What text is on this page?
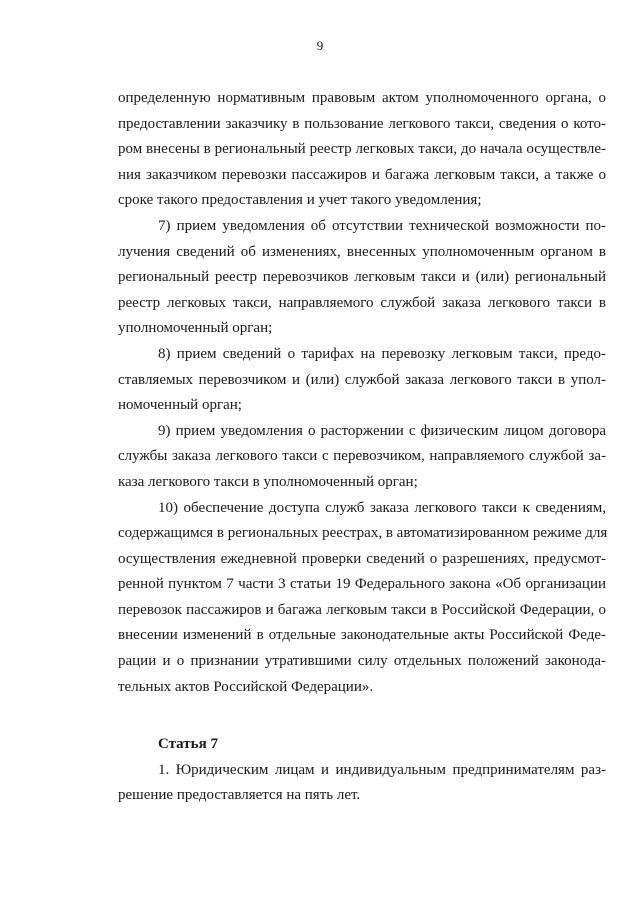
9
определенную нормативным правовым актом уполномоченного органа, о
предоставлении заказчику в пользование легкового такси, сведения о кото-
ром внесены в региональный реестр легковых такси, до начала осуществле-
ния заказчиком перевозки пассажиров и багажа легковым такси, а также о
сроке такого предоставления и учет такого уведомления;
7) прием уведомления об отсутствии технической возможности по-
лучения сведений об изменениях, внесенных уполномоченным органом в
региональный реестр перевозчиков легковым такси и (или) региональный
реестр легковых такси, направляемого службой заказа легкового такси в
уполномоченный орган;
8) прием сведений о тарифах на перевозку легковым такси, предо-
ставляемых перевозчиком и (или) службой заказа легкового такси в упол-
номоченный орган;
9) прием уведомления о расторжении с физическим лицом договора
службы заказа легкового такси с перевозчиком, направляемого службой за-
каза легкового такси в уполномоченный орган;
10) обеспечение доступа служб заказа легкового такси к сведениям,
содержащимся в региональных реестрах, в автоматизированном режиме для
осуществления ежедневной проверки сведений о разрешениях, предусмот-
ренной пунктом 7 части 3 статьи 19 Федерального закона «Об организации
перевозок пассажиров и багажа легковым такси в Российской Федерации, о
внесении изменений в отдельные законодательные акты Российской Феде-
рации и о признании утратившими силу отдельных положений законода-
тельных актов Российской Федерации».
Статья 7
1. Юридическим лицам и индивидуальным предпринимателям раз-
решение предоставляется на пять лет.
